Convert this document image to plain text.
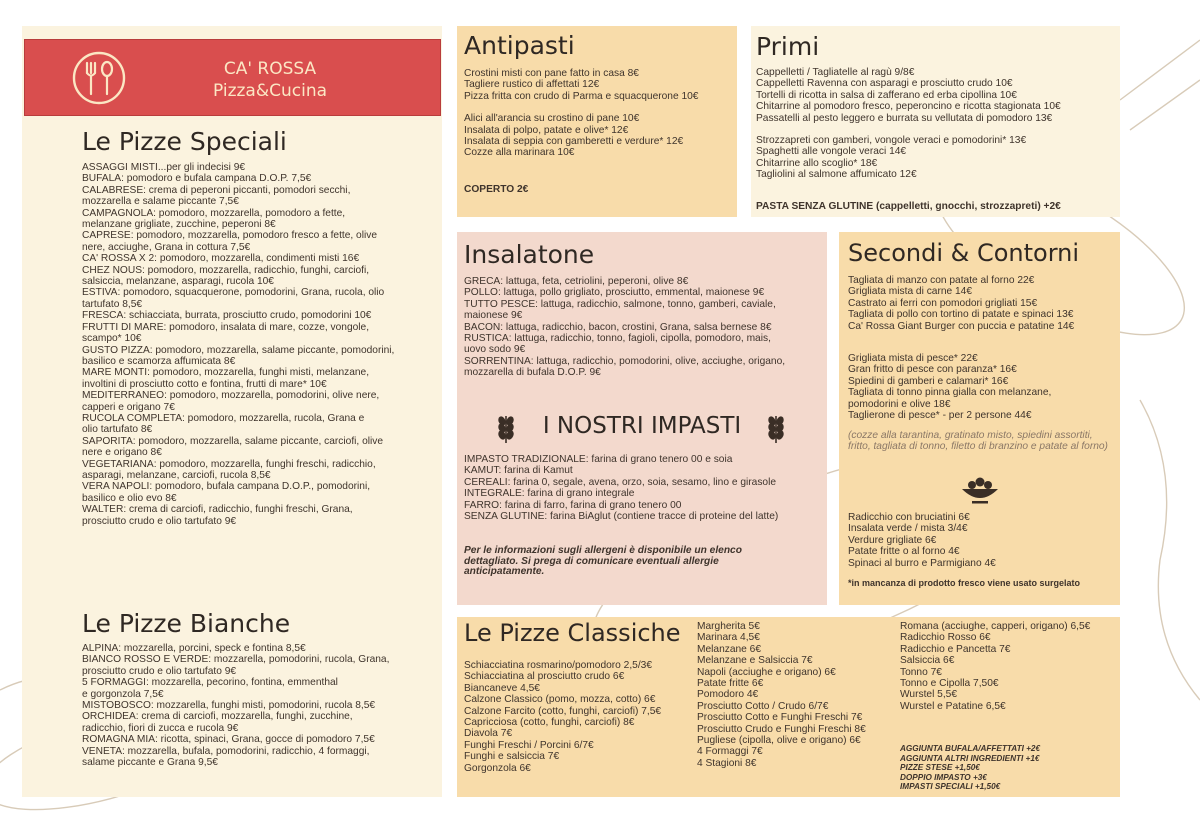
Le Pizze Speciali
ASSAGGI MISTI...per gli indecisi 9€
BUFALA: pomodoro e bufala campana D.O.P. 7,5€
CALABRESE: crema di peperoni piccanti, pomodori secchi,
mozzarella e salame piccante 7,5€
CAMPAGNOLA: pomodoro, mozzarella, pomodoro a fette,
melanzane grigliate, zucchine, peperoni 8€
CAPRESE: pomodoro, mozzarella, pomodoro fresco a fette, olive
nere, acciughe, Grana in cottura 7,5€
CA' ROSSA X 2: pomodoro, mozzarella, condimenti misti 16€
CHEZ NOUS: pomodoro, mozzarella, radicchio, funghi, carciofi,
salsiccia, melanzane, asparagi, rucola 10€
ESTIVA: pomodoro, squacquerone, pomodorini, Grana, rucola, olio
tartufato 8,5€
FRESCA: schiacciata, burrata, prosciutto crudo, pomodorini 10€
FRUTTI DI MARE: pomodoro, insalata di mare, cozze, vongole,
scampo* 10€
GUSTO PIZZA: pomodoro, mozzarella, salame piccante, pomodorini,
basilico e scamorza affumicata 8€
MARE MONTI: pomodoro, mozzarella, funghi misti, melanzane,
involtini di prosciutto cotto e fontina, frutti di mare* 10€
MEDITERRANEO: pomodoro, mozzarella, pomodorini, olive nere,
capperi e origano 7€
RUCOLA COMPLETA: pomodoro, mozzarella, rucola, Grana e
olio tartufato 8€
SAPORITA: pomodoro, mozzarella, salame piccante, carciofi, olive
nere e origano 8€
VEGETARIANA: pomodoro, mozzarella, funghi freschi, radicchio,
asparagi, melanzane, carciofi, rucola 8,5€
VERA NAPOLI: pomodoro, bufala campana D.O.P., pomodorini,
basilico e olio evo 8€
WALTER: crema di carciofi, radicchio, funghi freschi, Grana,
prosciutto crudo e olio tartufato 9€
Le Pizze Bianche
ALPINA: mozzarella, porcini, speck e fontina 8,5€
BIANCO ROSSO E VERDE: mozzarella, pomodorini, rucola, Grana,
prosciutto crudo e olio tartufato 9€
5 FORMAGGI: mozzarella, pecorino, fontina, emmenthal
e gorgonzola 7,5€
MISTOBOSCO: mozzarella, funghi misti, pomodorini, rucola 8,5€
ORCHIDEA: crema di carciofi, mozzarella, funghi, zucchine,
radicchio, fiori di zucca e rucola 9€
ROMAGNA MIA: ricotta, spinaci, Grana, gocce di pomodoro 7,5€
VENETA: mozzarella, bufala, pomodorini, radicchio, 4 formaggi,
salame piccante e Grana 9,5€
CA' ROSSA
Pizza&Cucina
Antipasti
Crostini misti con pane fatto in casa 8€
Tagliere rustico di affettati 12€
Pizza fritta con crudo di Parma e squacquerone 10€
Alici all'arancia su crostino di pane 10€
Insalata di polpo, patate e olive* 12€
Insalata di seppia con gamberetti e verdure* 12€
Cozze alla marinara 10€
COPERTO 2€
Primi
Cappelletti / Tagliatelle al ragù 9/8€
Cappelletti Ravenna con asparagi e prosciutto crudo 10€
Tortelli di ricotta in salsa di zafferano ed erba cipollina 10€
Chitarrine al pomodoro fresco, peperoncino e ricotta stagionata 10€
Passatelli al pesto leggero e burrata su vellutata di pomodoro 13€
Strozzapreti con gamberi, vongole veraci e pomodorini* 13€
Spaghetti alle vongole veraci 14€
Chitarrine allo scoglio* 18€
Tagliolini al salmone affumicato 12€
PASTA SENZA GLUTINE (cappelletti, gnocchi, strozzapreti) +2€
Insalatone
GRECA: lattuga, feta, cetriolini, peperoni, olive 8€
POLLO: lattuga, pollo grigliato, prosciutto, emmental, maionese 9€
TUTTO PESCE: lattuga, radicchio, salmone, tonno, gamberi, caviale,
maionese 9€
BACON: lattuga, radicchio, bacon, crostini, Grana, salsa bernese 8€
RUSTICA: lattuga, radicchio, tonno, fagioli, cipolla, pomodoro, mais,
uovo sodo 9€
SORRENTINA: lattuga, radicchio, pomodorini, olive, acciughe, origano,
mozzarella di bufala D.O.P. 9€
I NOSTRI IMPASTI
IMPASTO TRADIZIONALE: farina di grano tenero 00 e soia
KAMUT: farina di Kamut
CEREALI: farina 0, segale, avena, orzo, soia, sesamo, lino e girasole
INTEGRALE: farina di grano integrale
FARRO: farina di farro, farina di grano tenero 00
SENZA GLUTINE: farina BiAglut (contiene tracce di proteine del latte)
Per le informazioni sugli allergeni è disponibile un elenco dettagliato. Si prega di comunicare eventuali allergie anticipatamente.
Secondi & Contorni
Tagliata di manzo con patate al forno 22€
Grigliata mista di carne 14€
Castrato ai ferri con pomodori grigliati 15€
Tagliata di pollo con tortino di patate e spinaci 13€
Ca' Rossa Giant Burger con puccia e patatine 14€
Grigliata mista di pesce* 22€
Gran fritto di pesce con paranza* 16€
Spiedini di gamberi e calamari* 16€
Tagliata di tonno pinna gialla con melanzane,
pomodorini e olive 18€
Taglierone di pesce* - per 2 persone 44€
(cozze alla tarantina, gratinato misto, spiedini assortiti, fritto, tagliata di tonno, filetto di branzino e patate al forno)
Radicchio con bruciatini 6€
Insalata verde / mista 3/4€
Verdure grigliate 6€
Patate fritte o al forno 4€
Spinaci al burro e Parmigiano 4€
*in mancanza di prodotto fresco viene usato surgelato
Le Pizze Classiche
Schiacciatina rosmarino/pomodoro 2,5/3€
Schiacciatina al prosciutto crudo 6€
Biancaneve 4,5€
Calzone Classico (pomo, mozza, cotto) 6€
Calzone Farcito (cotto, funghi, carciofi) 7,5€
Capricciosa (cotto, funghi, carciofi) 8€
Diavola 7€
Funghi Freschi / Porcini 6/7€
Funghi e salsiccia 7€
Gorgonzola 6€
Margherita 5€
Marinara 4,5€
Melanzane 6€
Melanzane e Salsiccia 7€
Napoli (acciughe e origano) 6€
Patate fritte 6€
Pomodoro 4€
Prosciutto Cotto / Crudo 6/7€
Prosciutto Cotto e Funghi Freschi 7€
Prosciutto Crudo e Funghi Freschi 8€
Pugliese (cipolla, olive e origano) 6€
4 Formaggi 7€
4 Stagioni 8€
Romana (acciughe, capperi, origano) 6,5€
Radicchio Rosso 6€
Radicchio e Pancetta 7€
Salsiccia 6€
Tonno 7€
Tonno e Cipolla 7,50€
Wurstel 5,5€
Wurstel e Patatine 6,5€
AGGIUNTA BUFALA/AFFETTATI +2€
AGGIUNTA ALTRI INGREDIENTI +1€
PIZZE STESE +1,50€
DOPPIO IMPASTO +3€
IMPASTI SPECIALI +1,50€
